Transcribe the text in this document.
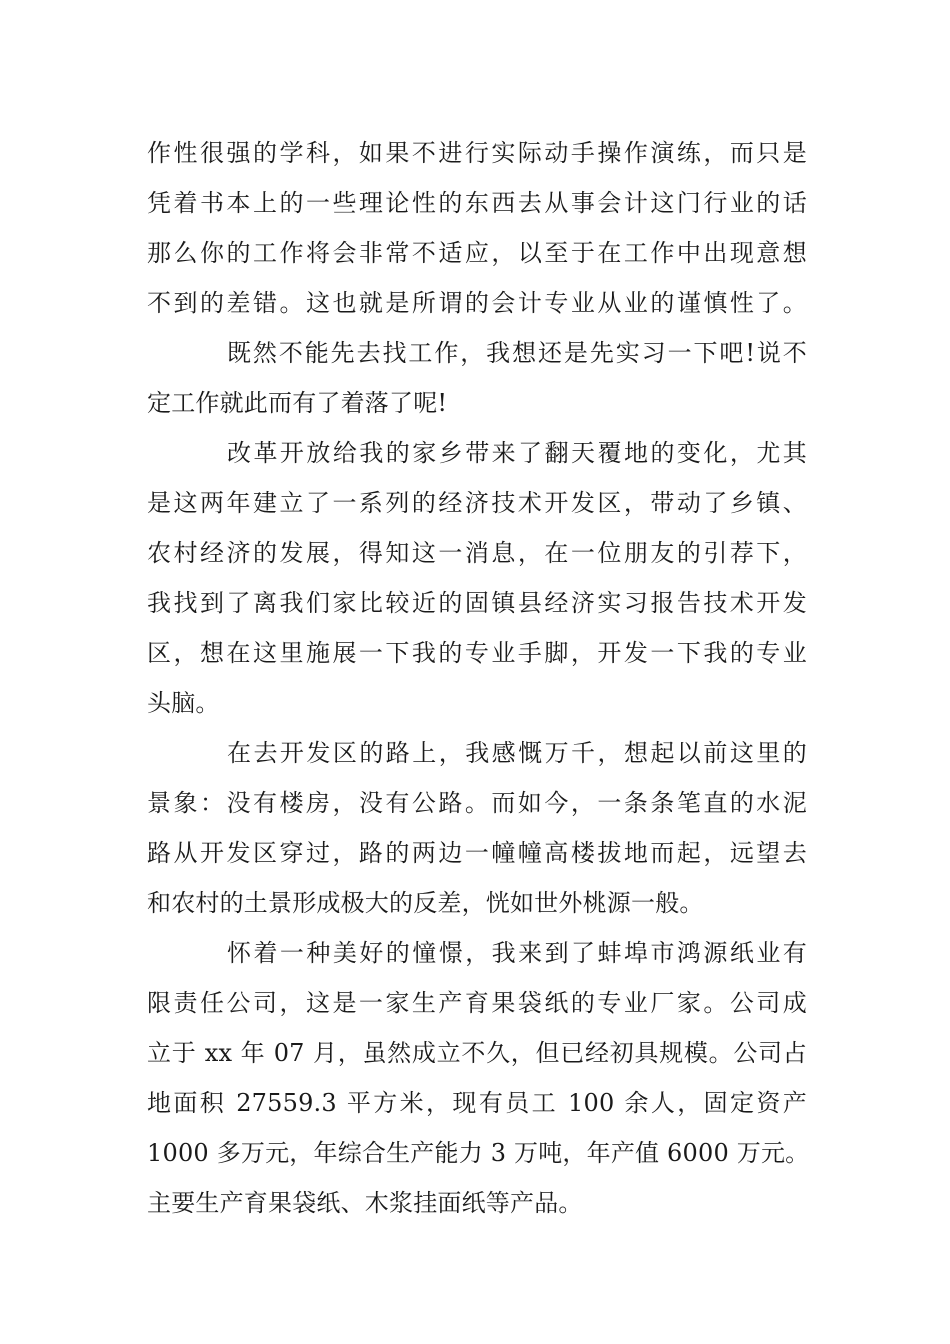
作性很强的学科，如果不进行实际动手操作演练，而只是
凭着书本上的一些理论性的东西去从事会计这门行业的话
那么你的工作将会非常不适应，以至于在工作中出现意想
不到的差错。这也就是所谓的会计专业从业的谨慎性了。
既然不能先去找工作，我想还是先实习一下吧!说不
定工作就此而有了着落了呢!
改革开放给我的家乡带来了翻天覆地的变化，尤其
是这两年建立了一系列的经济技术开发区，带动了乡镇、
农村经济的发展，得知这一消息，在一位朋友的引荐下，
我找到了离我们家比较近的固镇县经济实习报告技术开发
区，想在这里施展一下我的专业手脚，开发一下我的专业
头脑。
在去开发区的路上，我感慨万千，想起以前这里的
景象：没有楼房，没有公路。而如今，一条条笔直的水泥
路从开发区穿过，路的两边一幢幢高楼拔地而起，远望去
和农村的土景形成极大的反差，恍如世外桃源一般。
怀着一种美好的憧憬，我来到了蚌埠市鸿源纸业有
限责任公司，这是一家生产育果袋纸的专业厂家。公司成
立于 xx 年 07 月，虽然成立不久，但已经初具规模。公司占
地面积 27559.3 平方米，现有员工 100 余人，固定资产
1000 多万元，年综合生产能力 3 万吨，年产值 6000 万元。
主要生产育果袋纸、木浆挂面纸等产品。
